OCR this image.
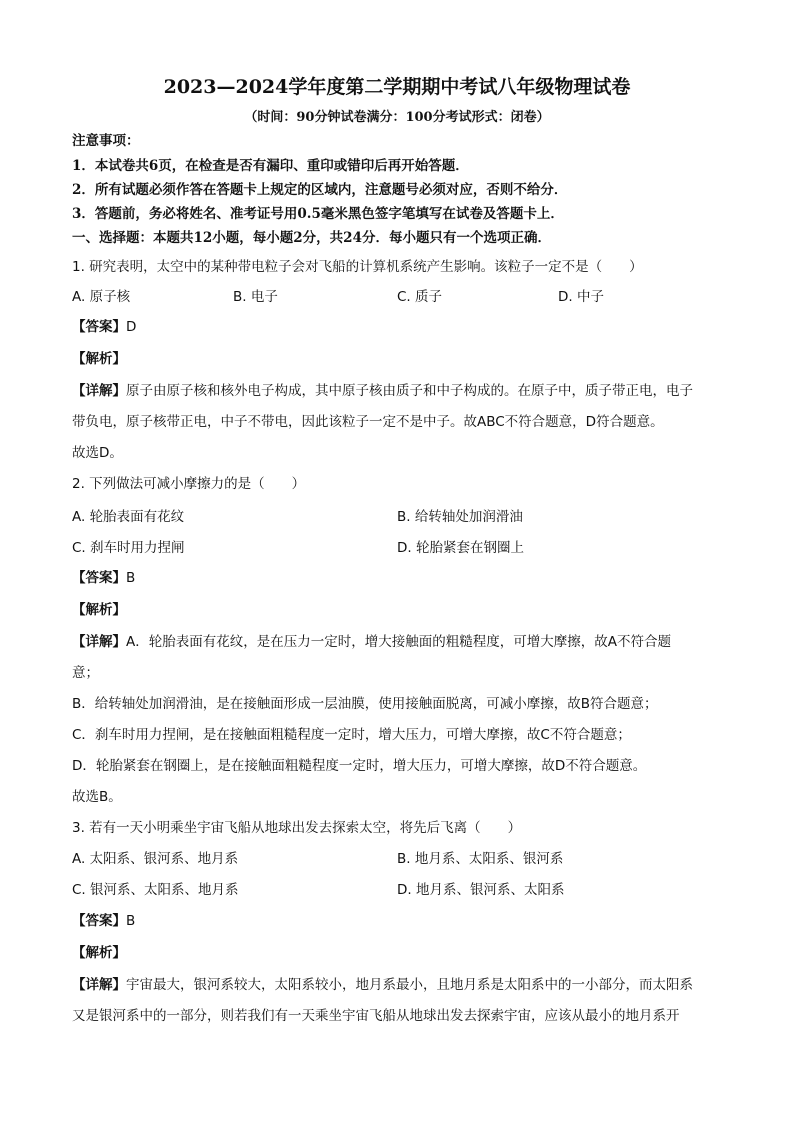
2023—2024学年度第二学期期中考试八年级物理试卷
（时间：90分钟试卷满分：100分考试形式：闭卷）
注意事项：
1．本试卷共6页，在检查是否有漏印、重印或错印后再开始答题．
2．所有试题必须作答在答题卡上规定的区域内，注意题号必须对应，否则不给分．
3．答题前，务必将姓名、准考证号用0.5毫米黑色签字笔填写在试卷及答题卡上．
一、选择题：本题共12小题，每小题2分，共24分．每小题只有一个选项正确．
1. 研究表明，太空中的某种带电粒子会对飞船的计算机系统产生影响。该粒子一定不是（　　）
A. 原子核	B. 电子	C. 质子	D. 中子
【答案】D
【解析】
【详解】原子由原子核和核外电子构成，其中原子核由质子和中子构成的。在原子中，质子带正电，电子
带负电，原子核带正电，中子不带电，因此该粒子一定不是中子。故ABC不符合题意，D符合题意。
故选D。
2. 下列做法可减小摩擦力的是（　　）
A. 轮胎表面有花纹	B. 给转轴处加润滑油
C. 刹车时用力捏闸	D. 轮胎紧套在钢圈上
【答案】B
【解析】
【详解】A．轮胎表面有花纹，是在压力一定时，增大接触面的粗糙程度，可增大摩擦，故A不符合题
意；
B．给转轴处加润滑油，是在接触面形成一层油膜，使用接触面脱离，可减小摩擦，故B符合题意；
C．刹车时用力捏闸，是在接触面粗糙程度一定时，增大压力，可增大摩擦，故C不符合题意；
D．轮胎紧套在钢圈上，是在接触面粗糙程度一定时，增大压力，可增大摩擦，故D不符合题意。
故选B。
3. 若有一天小明乘坐宇宙飞船从地球出发去探索太空，将先后飞离（　　）
A. 太阳系、银河系、地月系	B. 地月系、太阳系、银河系
C. 银河系、太阳系、地月系	D. 地月系、银河系、太阳系
【答案】B
【解析】
【详解】宇宙最大，银河系较大，太阳系较小，地月系最小，且地月系是太阳系中的一小部分，而太阳系
又是银河系中的一部分，则若我们有一天乘坐宇宙飞船从地球出发去探索宇宙，应该从最小的地月系开
